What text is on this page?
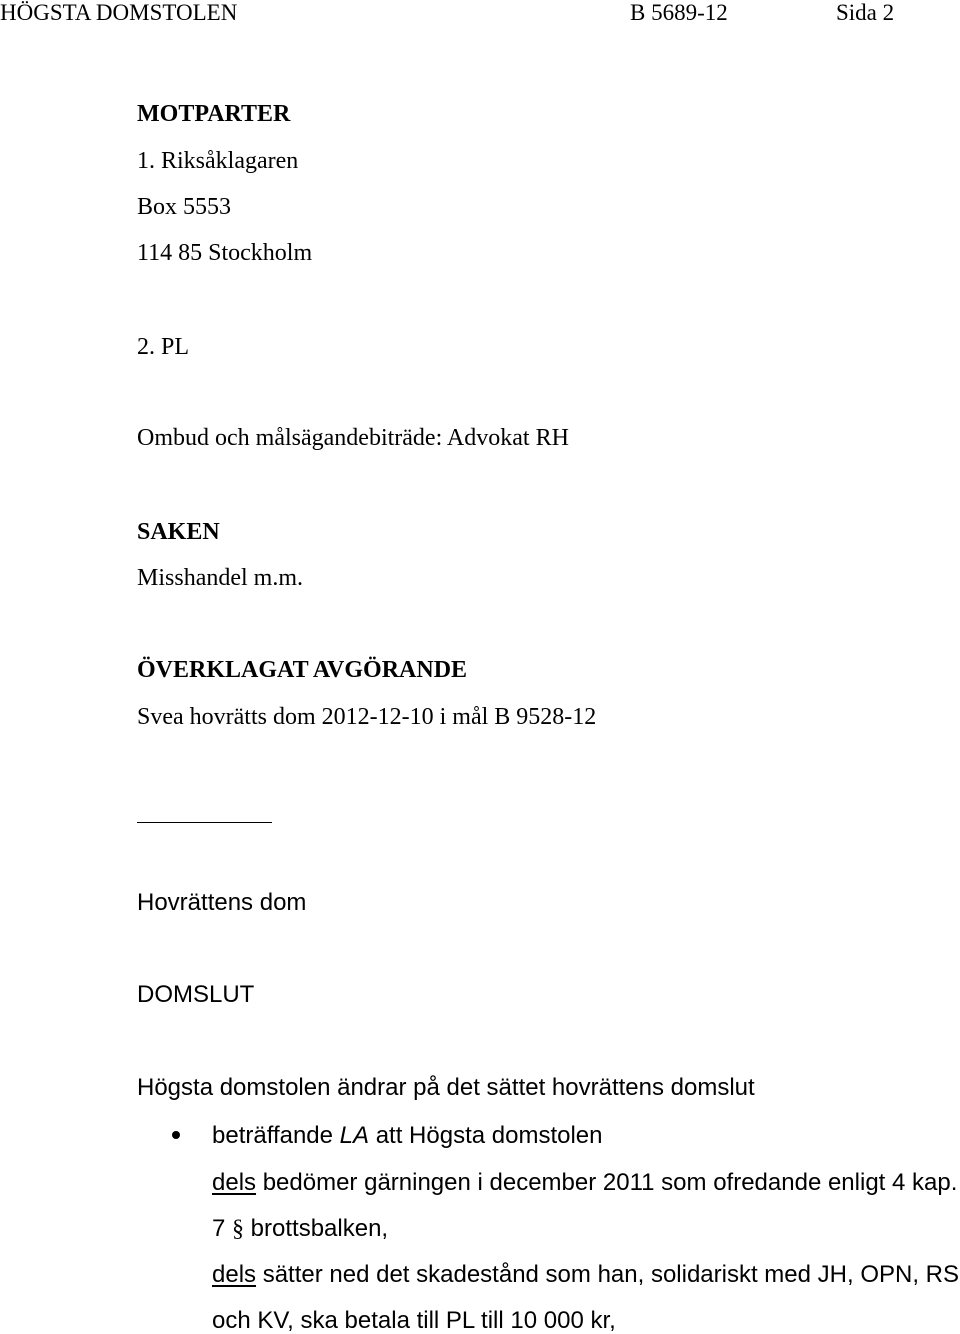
HÖGSTA DOMSTOLEN	B 5689-12	Sida 2
MOTPARTER
1. Riksåklagaren
Box 5553
114 85 Stockholm
2. PL
Ombud och målsägandebiträde: Advokat RH
SAKEN
Misshandel m.m.
ÖVERKLAGAT AVGÖRANDE
Svea hovrätts dom 2012-12-10 i mål B 9528-12
Hovrättens dom
DOMSLUT
Högsta domstolen ändrar på det sättet hovrättens domslut
beträffande LA att Högsta domstolen
dels bedömer gärningen i december 2011 som ofredande enligt 4 kap.
7 § brottsbalken,
dels sätter ned det skadestånd som han, solidariskt med JH, OPN, RS
och KV, ska betala till PL till 10 000 kr,
